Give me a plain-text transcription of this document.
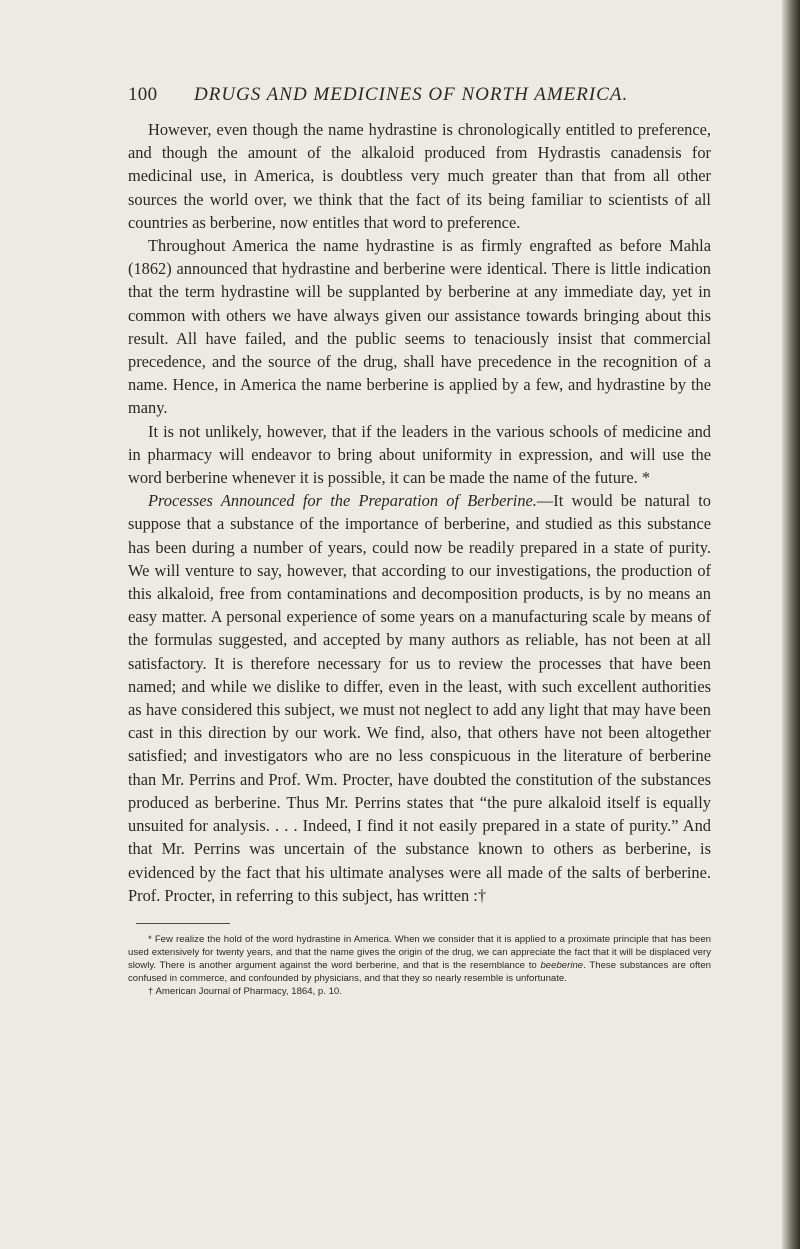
100	DRUGS AND MEDICINES OF NORTH AMERICA.

However, even though the name hydrastine is chronologically entitled to preference, and though the amount of the alkaloid produced from Hydrastis canadensis for medicinal use, in America, is doubtless very much greater than that from all other sources the world over, we think that the fact of its being familiar to scientists of all countries as berberine, now entitles that word to preference.

Throughout America the name hydrastine is as firmly engrafted as before Mahla (1862) announced that hydrastine and berberine were identical. There is little indication that the term hydrastine will be supplanted by berberine at any immediate day, yet in common with others we have always given our assistance towards bringing about this result. All have failed, and the public seems to tenaciously insist that commercial precedence, and the source of the drug, shall have precedence in the recognition of a name. Hence, in America the name berberine is applied by a few, and hydrastine by the many.

It is not unlikely, however, that if the leaders in the various schools of medicine and in pharmacy will endeavor to bring about uniformity in expression, and will use the word berberine whenever it is possible, it can be made the name of the future. *

Processes Announced for the Preparation of Berberine.—It would be natural to suppose that a substance of the importance of berberine, and studied as this substance has been during a number of years, could now be readily prepared in a state of purity. We will venture to say, however, that according to our investigations, the production of this alkaloid, free from contaminations and decomposition products, is by no means an easy matter. A personal experience of some years on a manufacturing scale by means of the formulas suggested, and accepted by many authors as reliable, has not been at all satisfactory. It is therefore necessary for us to review the processes that have been named; and while we dislike to differ, even in the least, with such excellent authorities as have considered this subject, we must not neglect to add any light that may have been cast in this direction by our work. We find, also, that others have not been altogether satisfied; and investigators who are no less conspicuous in the literature of berberine than Mr. Perrins and Prof. Wm. Procter, have doubted the constitution of the substances produced as berberine. Thus Mr. Perrins states that “the pure alkaloid itself is equally unsuited for analysis. . . . Indeed, I find it not easily prepared in a state of purity.” And that Mr. Perrins was uncertain of the substance known to others as berberine, is evidenced by the fact that his ultimate analyses were all made of the salts of berberine. Prof. Procter, in referring to this subject, has written :†

* Few realize the hold of the word hydrastine in America. When we consider that it is applied to a proximate principle that has been used extensively for twenty years, and that the name gives the origin of the drug, we can appreciate the fact that it will be displaced very slowly. There is another argument against the word berberine, and that is the resemblance to beeberine. These substances are often confused in commerce, and confounded by physicians, and that they so nearly resemble is unfortunate.

† American Journal of Pharmacy, 1864, p. 10.
